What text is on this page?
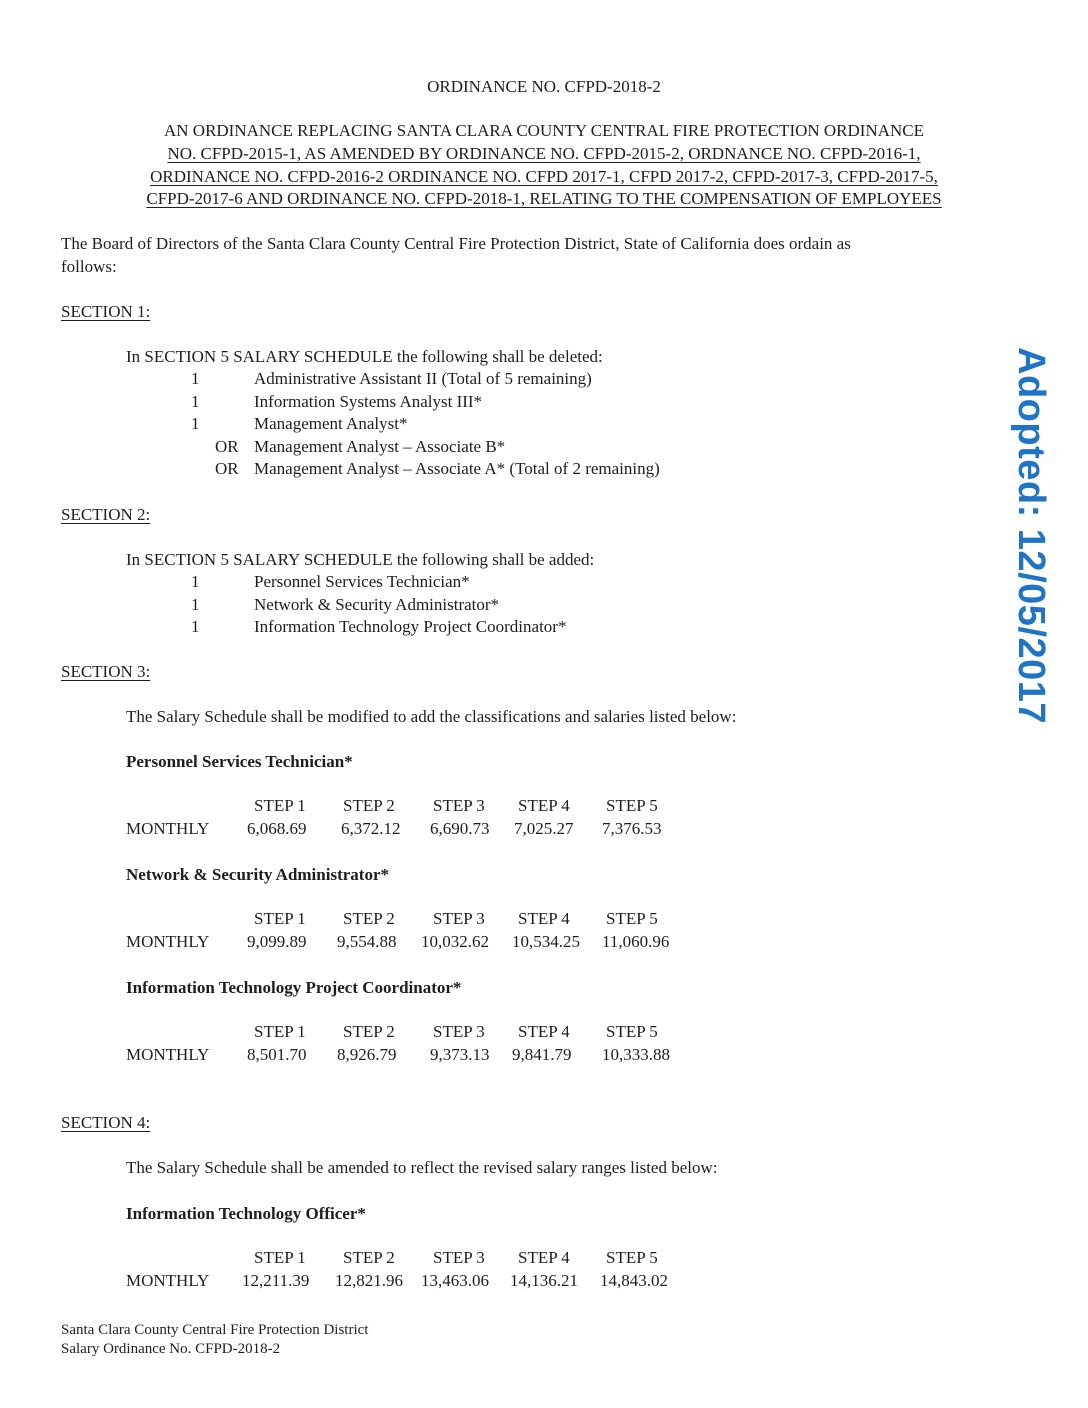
ORDINANCE NO. CFPD-2018-2
AN ORDINANCE REPLACING SANTA CLARA COUNTY CENTRAL FIRE PROTECTION ORDINANCE
NO. CFPD-2015-1, AS AMENDED BY ORDINANCE NO. CFPD-2015-2, ORDNANCE NO. CFPD-2016-1,
ORDINANCE NO. CFPD-2016-2 ORDINANCE NO. CFPD 2017-1, CFPD 2017-2, CFPD-2017-3, CFPD-2017-5,
CFPD-2017-6 AND ORDINANCE NO. CFPD-2018-1, RELATING TO THE COMPENSATION OF EMPLOYEES
The Board of Directors of the Santa Clara County Central Fire Protection District, State of California does ordain as
follows:
SECTION 1:
In SECTION 5 SALARY SCHEDULE the following shall be deleted:
1	Administrative Assistant II (Total of 5 remaining)
1	Information Systems Analyst III*
1	Management Analyst*
OR Management Analyst – Associate B*
OR Management Analyst – Associate A* (Total of 2 remaining)
SECTION 2:
In SECTION 5 SALARY SCHEDULE the following shall be added:
1	Personnel Services Technician*
1	Network & Security Administrator*
1	Information Technology Project Coordinator*
SECTION 3:
The Salary Schedule shall be modified to add the classifications and salaries listed below:
Personnel Services Technician*
STEP 1 STEP 2 STEP 3 STEP 4 STEP 5
MONTHLY 6,068.69 6,372.12 6,690.73 7,025.27 7,376.53
Network & Security Administrator*
STEP 1 STEP 2 STEP 3 STEP 4 STEP 5
MONTHLY 9,099.89 9,554.88 10,032.62 10,534.25 11,060.96
Information Technology Project Coordinator*
STEP 1 STEP 2 STEP 3 STEP 4 STEP 5
MONTHLY 8,501.70 8,926.79 9,373.13 9,841.79 10,333.88
SECTION 4:
The Salary Schedule shall be amended to reflect the revised salary ranges listed below:
Information Technology Officer*
STEP 1 STEP 2 STEP 3 STEP 4 STEP 5
MONTHLY 12,211.39 12,821.96 13,463.06 14,136.21 14,843.02
Santa Clara County Central Fire Protection District
Salary Ordinance No. CFPD-2018-2
Adopted: 12/05/2017
